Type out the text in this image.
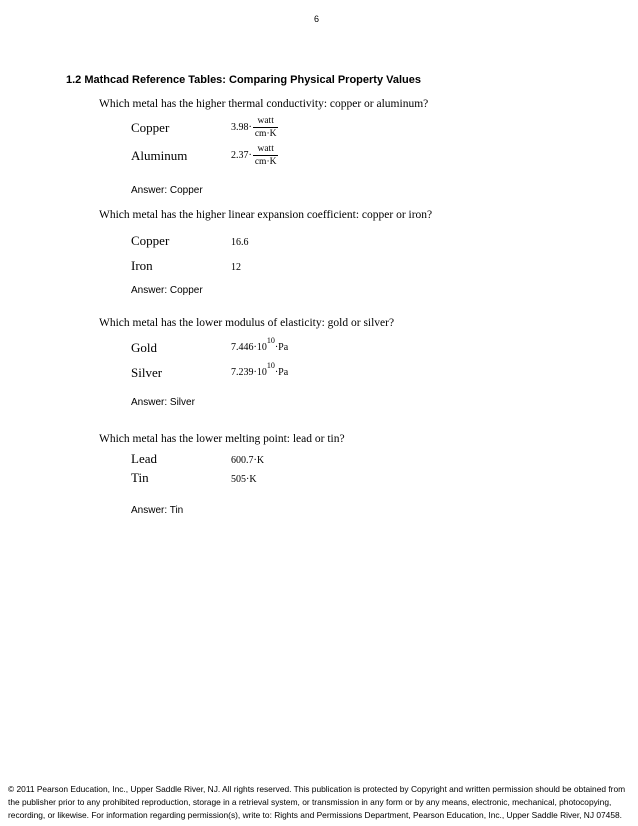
6
1.2 Mathcad Reference Tables: Comparing Physical Property Values
Which metal has the higher thermal conductivity: copper or aluminum?
Copper	$3.98\cdot \frac{\text{watt}}{cm\cdot K}$
Aluminum	$2.37\cdot \frac{\text{watt}}{cm\cdot K}$
Answer: Copper
Which metal has the higher linear expansion coefficient: copper or iron?
Copper	16.6
Iron	12
Answer: Copper
Which metal has the lower modulus of elasticity: gold or silver?
Gold	$7.446\cdot 10^{10}\cdot Pa$
Silver	$7.239\cdot 10^{10}\cdot Pa$
Answer: Silver
Which metal has the lower melting point: lead or tin?
Lead	600.7·K
Tin	505·K
Answer: Tin
© 2011 Pearson Education, Inc., Upper Saddle River, NJ. All rights reserved. This publication is protected by Copyright and written permission should be obtained from the publisher prior to any prohibited reproduction, storage in a retrieval system, or transmission in any form or by any means, electronic, mechanical, photocopying, recording, or likewise. For information regarding permission(s), write to: Rights and Permissions Department, Pearson Education, Inc., Upper Saddle River, NJ 07458.
